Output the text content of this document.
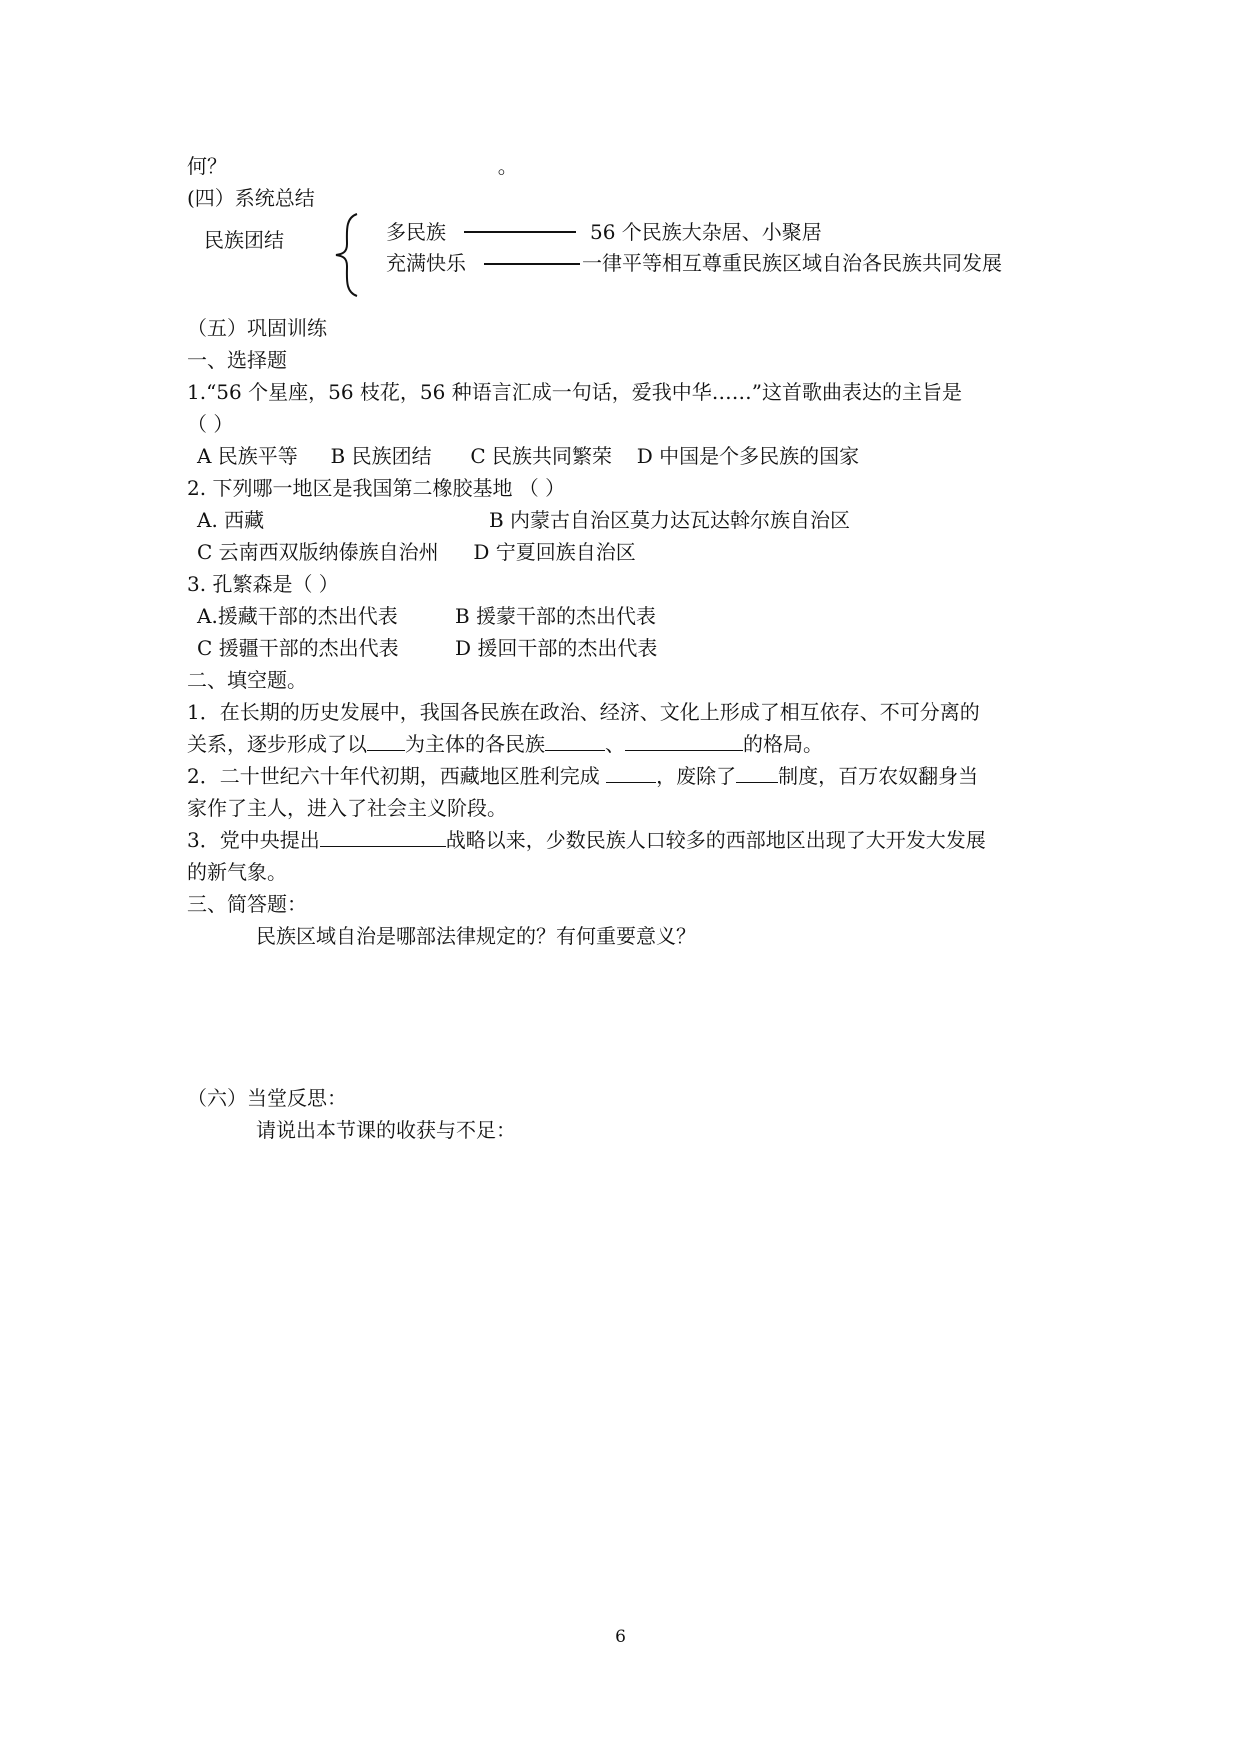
何？	。
(四）系统总结
民族团结	多民族	56 个民族大杂居、小聚居
充满快乐	一律平等相互尊重民族区域自治各民族共同发展
（五）巩固训练
一、选择题
1.“56 个星座，56 枝花，56 种语言汇成一句话，爱我中华……”这首歌曲表达的主旨是
（ ）
A 民族平等 B 民族团结 C 民族共同繁荣 D 中国是个多民族的国家
2. 下列哪一地区是我国第二橡胶基地 （ ）
A. 西藏	B 内蒙古自治区莫力达瓦达斡尔族自治区
C 云南西双版纳傣族自治州 D 宁夏回族自治区
3. 孔繁森是（ ）
A.援藏干部的杰出代表	B 援蒙干部的杰出代表
C 援疆干部的杰出代表	D 援回干部的杰出代表
二、填空题。
1．在长期的历史发展中，我国各民族在政治、经济、文化上形成了相互依存、不可分离的
关系，逐步形成了以 为主体的各民族	、	的格局。
2．二十世纪六十年代初期，西藏地区胜利完成	，废除了 制度，百万农奴翻身当
家作了主人，进入了社会主义阶段。
3．党中央提出	战略以来，少数民族人口较多的西部地区出现了大开发大发展
的新气象。
三、简答题：
民族区域自治是哪部法律规定的？有何重要意义？
（六）当堂反思：
请说出本节课的收获与不足：
6
